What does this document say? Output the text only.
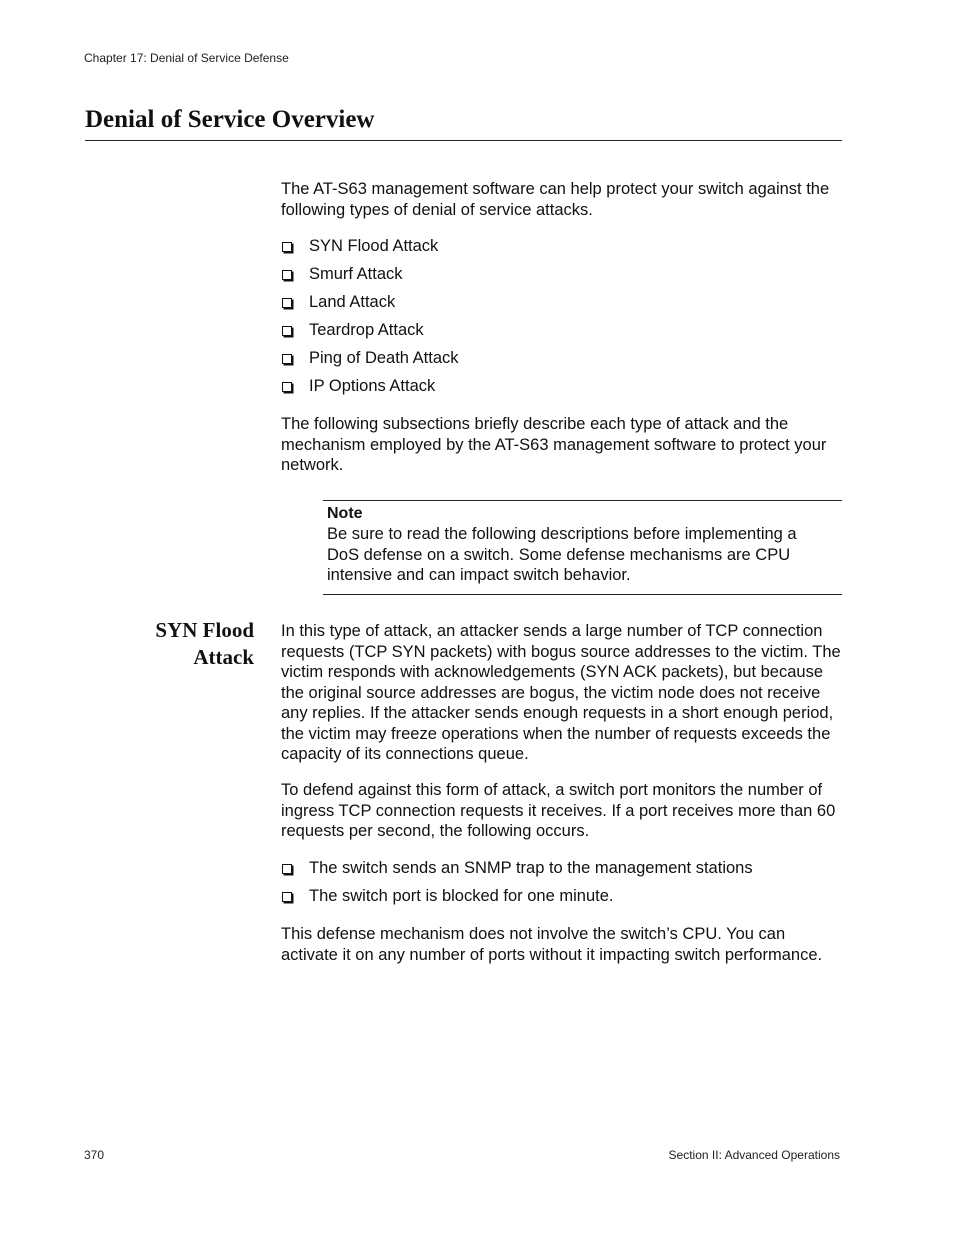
Chapter 17: Denial of Service Defense
Denial of Service Overview

The AT-S63 management software can help protect your switch against the following types of denial of service attacks.

SYN Flood Attack
Smurf Attack
Land Attack
Teardrop Attack
Ping of Death Attack
IP Options Attack

The following subsections briefly describe each type of attack and the mechanism employed by the AT-S63 management software to protect your network.

Note

Be sure to read the following descriptions before implementing a DoS defense on a switch. Some defense mechanisms are CPU intensive and can impact switch behavior.

SYN Flood
Attack

In this type of attack, an attacker sends a large number of TCP connection requests (TCP SYN packets) with bogus source addresses to the victim. The victim responds with acknowledgements (SYN ACK packets), but because the original source addresses are bogus, the victim node does not receive any replies. If the attacker sends enough requests in a short enough period, the victim may freeze operations when the number of requests exceeds the capacity of its connections queue.

To defend against this form of attack, a switch port monitors the number of ingress TCP connection requests it receives. If a port receives more than 60 requests per second, the following occurs.

The switch sends an SNMP trap to the management stations
The switch port is blocked for one minute.

This defense mechanism does not involve the switch’s CPU. You can activate it on any number of ports without it impacting switch performance.

370	Section II: Advanced Operations
